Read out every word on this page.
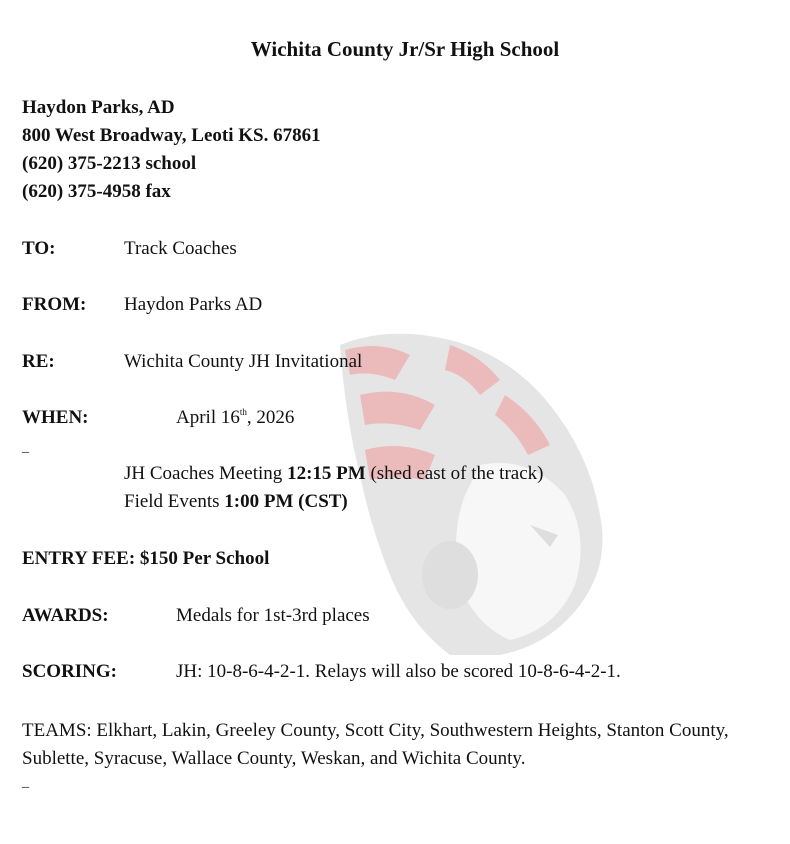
Wichita County Jr/Sr High School
Haydon Parks, AD
800 West Broadway, Leoti KS. 67861
(620) 375-2213 school
(620) 375-4958 fax
TO:	Track Coaches
FROM: Haydon Parks AD
RE:	Wichita County JH Invitational
WHEN:	April 16th, 2026
_
JH Coaches Meeting 12:15 PM (shed east of the track)
Field Events 1:00 PM (CST)
ENTRY FEE: $150 Per School
AWARDS:	Medals for 1st-3rd places
SCORING:	JH: 10-8-6-4-2-1. Relays will also be scored 10-8-6-4-2-1.
TEAMS: Elkhart, Lakin, Greeley County, Scott City, Southwestern Heights, Stanton County, Sublette, Syracuse, Wallace County, Weskan, and Wichita County.
_
